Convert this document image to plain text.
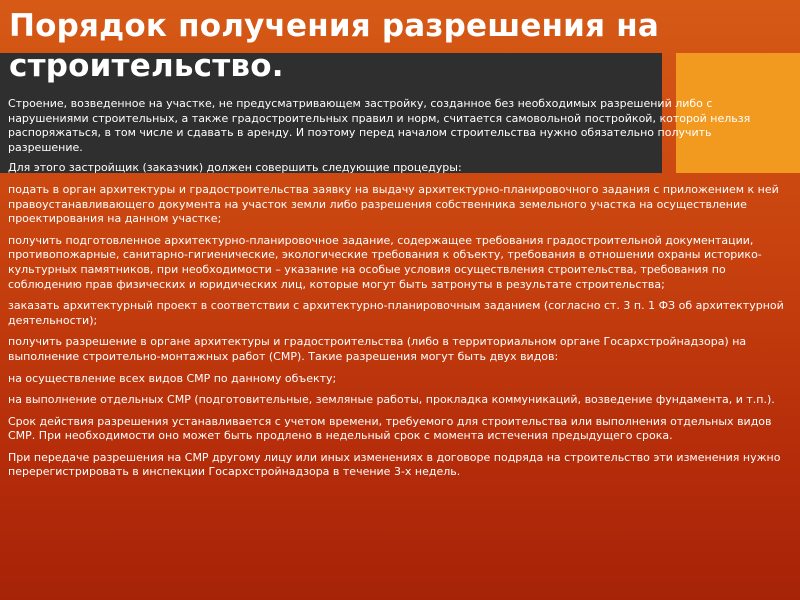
Порядок получения разрешения на строительство.

Строение, возведенное на участке, не предусматривающем застройку, созданное без необходимых разрешений либо с нарушениями строительных, а также градостроительных правил и норм, считается самовольной постройкой, которой нельзя распоряжаться, в том числе и сдавать в аренду. И поэтому перед началом строительства нужно обязательно получить разрешение.

Для этого застройщик (заказчик) должен совершить следующие процедуры:

подать в орган архитектуры и градостроительства заявку на выдачу архитектурно-планировочного задания с приложением к ней правоустанавливающего документа на участок земли либо разрешения собственника земельного участка на осуществление проектирования на данном участке;

получить подготовленное архитектурно-планировочное задание, содержащее требования градостроительной документации, противопожарные, санитарно-гигиенические, экологические требования к объекту, требования в отношении охраны историко-культурных памятников, при необходимости – указание на особые условия осуществления строительства, требования по соблюдению прав физических и юридических лиц, которые могут быть затронуты в результате строительства;

заказать архитектурный проект в соответствии с архитектурно-планировочным заданием (согласно ст. 3 п. 1 ФЗ об архитектурной деятельности);

получить разрешение в органе архитектуры и градостроительства (либо в территориальном органе Госархстройнадзора) на выполнение строительно-монтажных работ (СМР). Такие разрешения могут быть двух видов:

на осуществление всех видов СМР по данному объекту;

на выполнение отдельных СМР (подготовительные, земляные работы, прокладка коммуникаций, возведение фундамента, и т.п.).

Срок действия разрешения устанавливается с учетом времени, требуемого для строительства или выполнения отдельных видов СМР. При необходимости оно может быть продлено в недельный срок с момента истечения предыдущего срока.

При передаче разрешения на СМР другому лицу или иных изменениях в договоре подряда на строительство эти изменения нужно перерегистрировать в инспекции Госархстройнадзора в течение 3-х недель.
